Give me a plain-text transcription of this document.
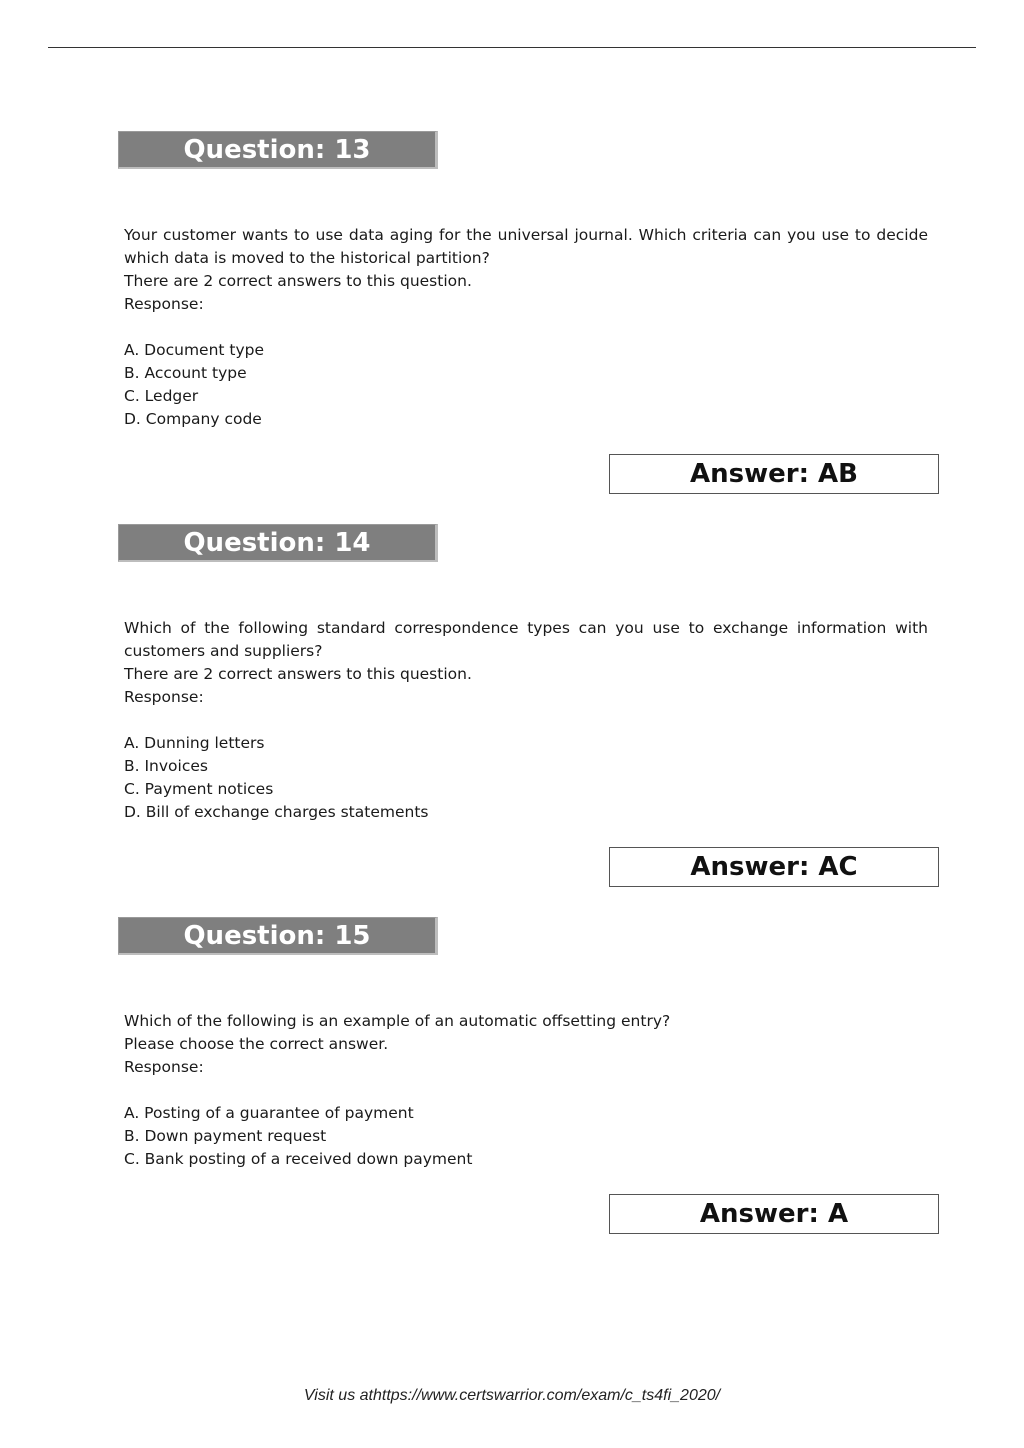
Question: 13
Your customer wants to use data aging for the universal journal. Which criteria can you use to decide which data is moved to the historical partition?
There are 2 correct answers to this question.
Response:
A. Document type
B. Account type
C. Ledger
D. Company code
Answer: AB
Question: 14
Which of the following standard correspondence types can you use to exchange information with customers and suppliers?
There are 2 correct answers to this question.
Response:
A. Dunning letters
B. Invoices
C. Payment notices
D. Bill of exchange charges statements
Answer: AC
Question: 15
Which of the following is an example of an automatic offsetting entry?
Please choose the correct answer.
Response:
A. Posting of a guarantee of payment
B. Down payment request
C. Bank posting of a received down payment
Answer: A
Visit us athttps://www.certswarrior.com/exam/c_ts4fi_2020/
